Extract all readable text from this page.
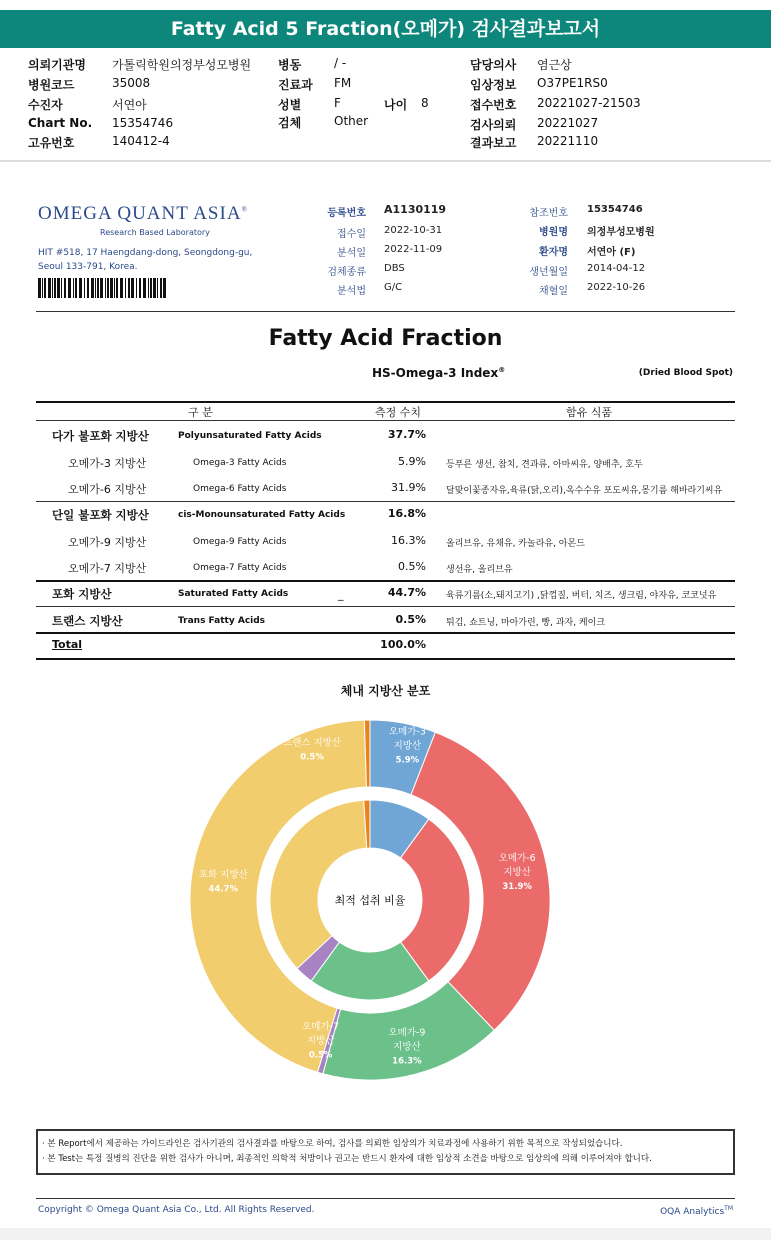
Fatty Acid 5 Fraction(오메가) 검사결과보고서
의뢰기관명 가톨릭학원의정부성모병원
병원코드	35008
수진자	서연아
Chart No. 15354746
고유번호	140412-4
병동	/ -
진료과 FM
성별	F	나이 8
검체	Other
담당의사 염근상
임상정보 O37PE1RS0
접수번호 20221027-21503
검사의뢰 20221027
결과보고 20221110
OMEGA QUANT ASIA®
Research Based Laboratory
HIT #518, 17 Haengdang-dong, Seongdong-gu,
Seoul 133-791, Korea.
등록번호 A1130119
접수일 2022-10-31
분석일 2022-11-09
검체종류 DBS
분석법 G/C
참조번호 15354746
병원명 의정부성모병원
환자명 서연아 (F)
생년월일 2014-04-12
채혈일 2022-10-26
Fatty Acid Fraction
HS-Omega-3 Index®	(Dried Blood Spot)
구 분	측정 수치	함유 식품
다가 불포화 지방산	Polyunsaturated Fatty Acids	37.7%
오메가-3 지방산	Omega-3 Fatty Acids	5.9% 등푸른 생선, 참치, 견과류, 아마씨유, 양배추, 호두
오메가-6 지방산	Omega-6 Fatty Acids	31.9% 달맞이꽃종자유,육류(닭,오리),옥수수유 포도씨유,몽기름 해바라기씨유
단일 불포화 지방산	cis-Monounsaturated Fatty Acids	16.8%
오메가-9 지방산	Omega-9 Fatty Acids	16.3% 올리브유, 유채유, 카놀라유, 아몬드
오메가-7 지방산	Omega-7 Fatty Acids	0.5% 생선유, 올리브유
포화 지방산	Saturated Fatty Acids	44.7% 육류기름(소,돼지고기) ,닭껍질, 버터, 치즈, 생크림, 야자유, 코코넛유
트랜스 지방산	Trans Fatty Acids	0.5% 튀김, 쇼트닝, 마아가린, 빵, 과자, 케이크
Total	100.0%
_
체내 지방산 분포
최적 섭취 비율
오메가-3
지방산
5.9%
오메가-6
지방산
31.9%
오메가-9
지방산
16.3%
오메가-7
지방산
0.5%
포화 지방산
44.7%
트랜스 지방산
0.5%
· 본 Report에서 제공하는 가이드라인은 검사기관의 검사결과를 바탕으로 하여, 검사를 의뢰한 임상의가 치료과정에 사용하기 위한 목적으로 작성되었습니다.
· 본 Test는 특정 질병의 진단을 위한 검사가 아니며, 최종적인 의학적 처방이나 권고는 반드시 환자에 대한 임상적 소견을 바탕으로 임상의에 의해 이루어져야 합니다.
Copyright © Omega Quant Asia Co., Ltd. All Rights Reserved.	OQA Analytics™
